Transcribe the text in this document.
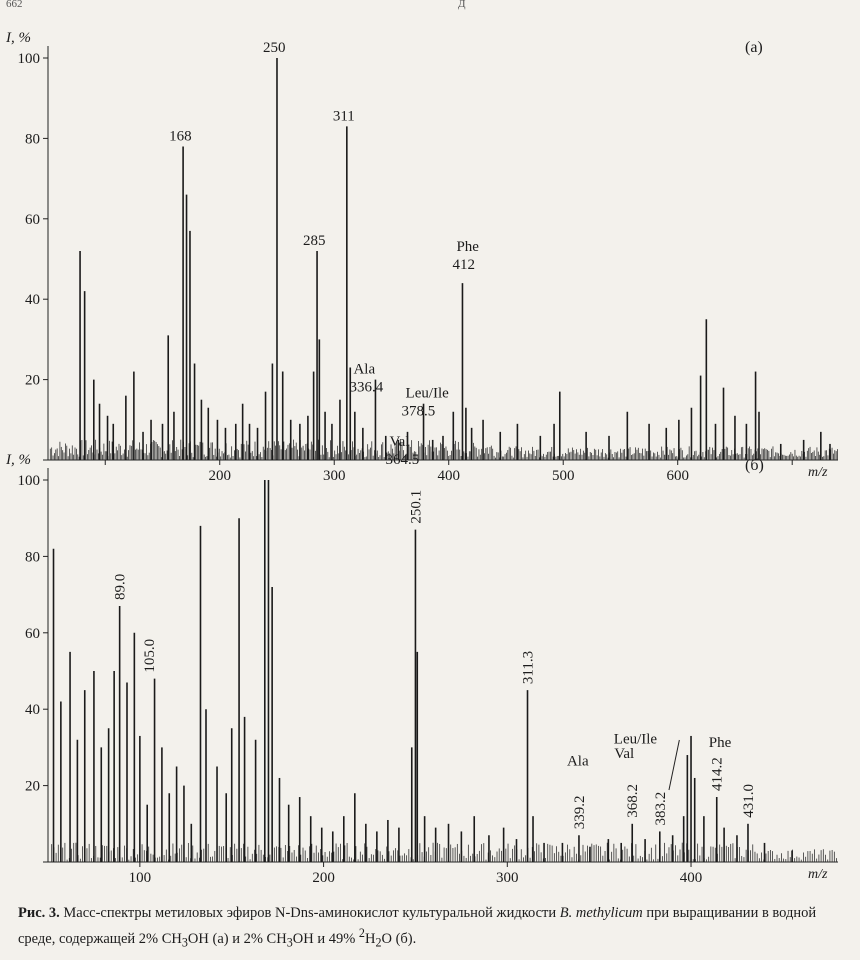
662	Д
20
40
60
80
100
200	300	400	500	600
I, %
m/z
(а)
168
250
311
285	Phe
412
Ala
336.4 Leu/Ile
378.5
Val
364.5
20
40
60
80
100
100	200	300	400
I, %
m/z
(б)
89.0
105.0
250.1
311.3
339.2
Ala
368.2
Val
383.2
Leu/Ile
414.2
Phe
431.0
Рис. 3. Масс-спектры метиловых эфиров N-Dns-аминокислот культуральной жидкости B. methylicum при выращивании в водной среде, содержащей 2% $CH_3OH$ (а) и 2% $CH_3OH$ и 49% $^2H_2O$ (б).
